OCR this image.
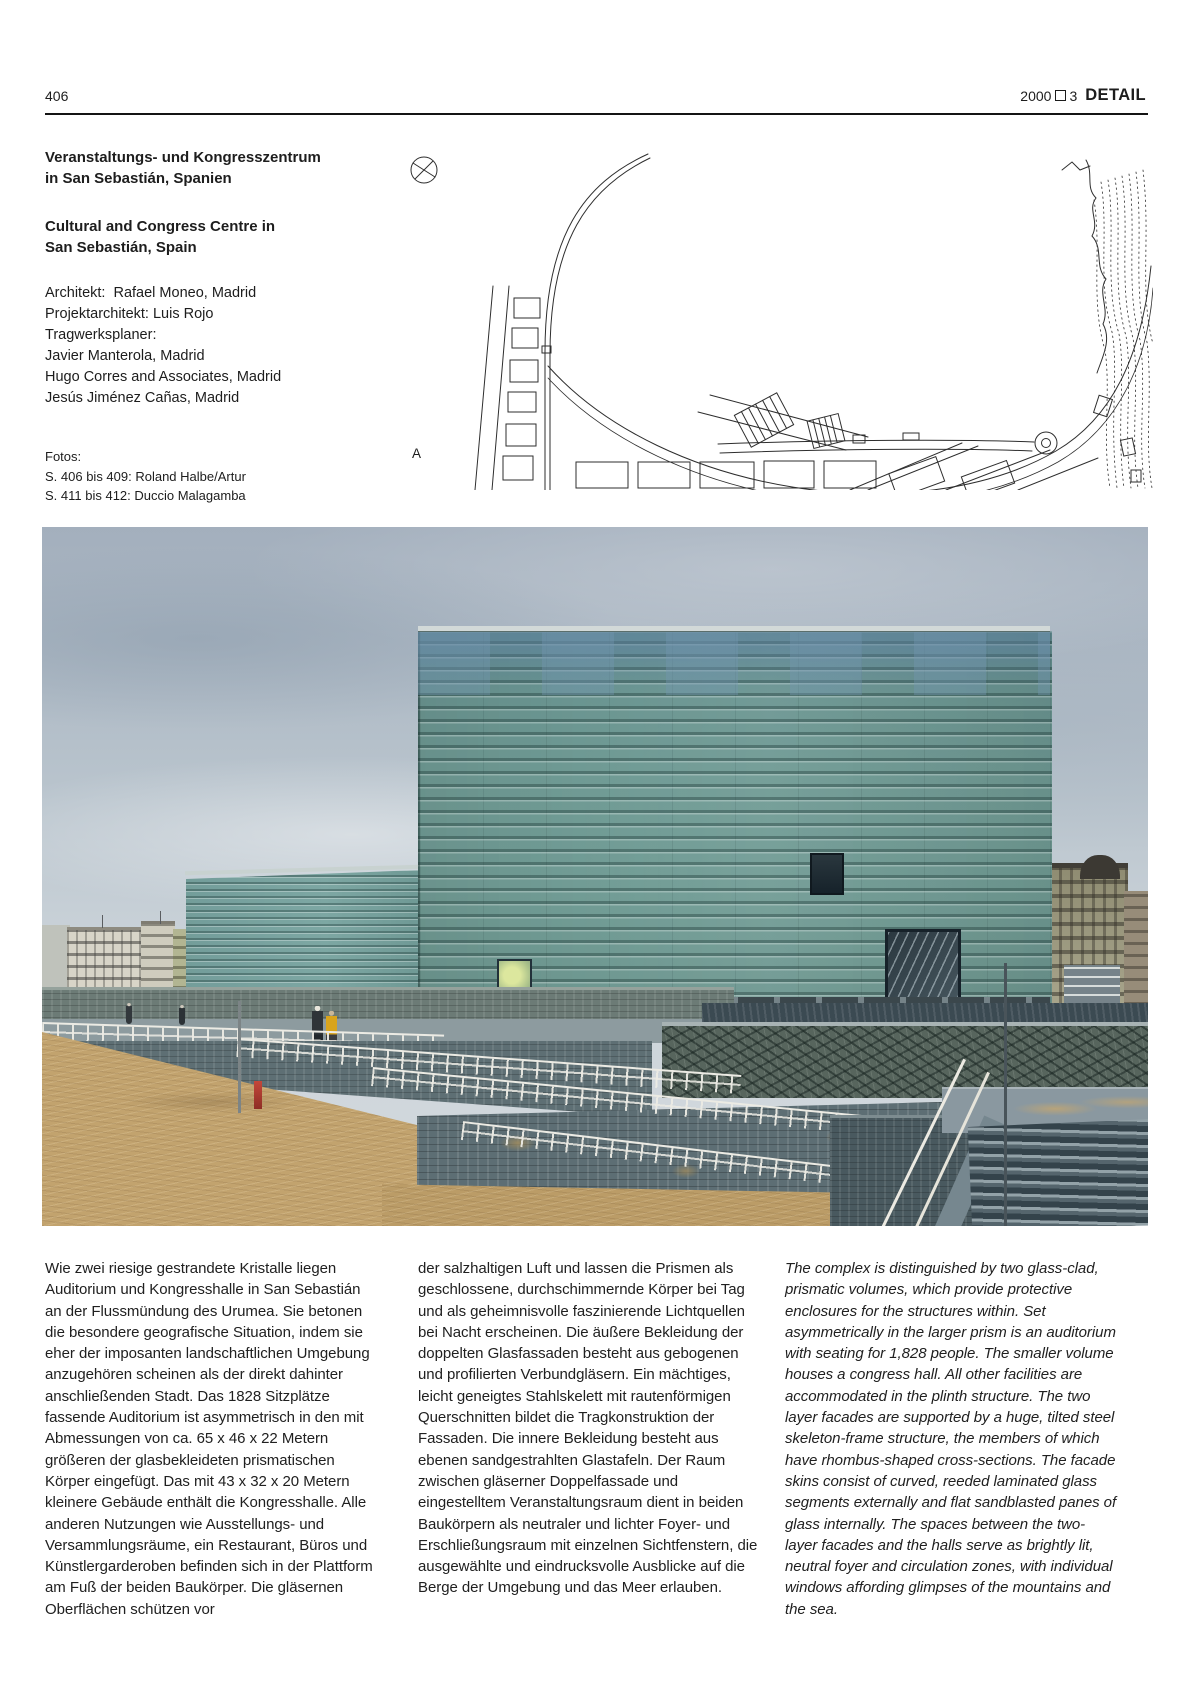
406	2000 3 DETAIL
Veranstaltungs- und Kongresszentrum
in San Sebastián, Spanien
Cultural and Congress Centre in
San Sebastián, Spain
Architekt:  Rafael Moneo, Madrid
Projektarchitekt: Luis Rojo
Tragwerksplaner:
Javier Manterola, Madrid
Hugo Corres and Associates, Madrid
Jesús Jiménez Cañas, Madrid
Fotos:
S. 406 bis 409: Roland Halbe/Artur
S. 411 bis 412: Duccio Malagamba
A
Wie zwei riesige gestrandete Kristalle liegen Auditorium und Kongresshalle in San Sebastián an der Flussmündung des Urumea. Sie betonen die besondere geografische Situation, indem sie eher der imposanten landschaftlichen Umgebung anzugehören scheinen als der direkt dahinter anschließenden Stadt. Das 1828 Sitzplätze fassende Auditorium ist asymmetrisch in den mit Abmessungen von ca. 65 x 46 x 22 Metern größeren der glasbekleideten prismatischen Körper eingefügt. Das mit 43 x 32 x 20 Metern kleinere Gebäude enthält die Kongresshalle. Alle anderen Nutzungen wie Ausstellungs- und Versammlungsräume, ein Restaurant, Büros und Künstlergarderoben befinden sich in der Plattform am Fuß der beiden Baukörper. Die gläsernen Oberflächen schützen vor
der salzhaltigen Luft und lassen die Prismen als geschlossene, durchschimmernde Körper bei Tag und als geheimnisvolle faszinierende Lichtquellen bei Nacht erscheinen. Die äußere Bekleidung der doppelten Glasfassaden besteht aus gebogenen und profilierten Verbundgläsern. Ein mächtiges, leicht geneigtes Stahlskelett mit rautenförmigen Querschnitten bildet die Tragkonstruktion der Fassaden. Die innere Bekleidung besteht aus ebenen sandgestrahlten Glastafeln. Der Raum zwischen gläserner Doppelfassade und eingestelltem Veranstaltungsraum dient in beiden Baukörpern als neutraler und lichter Foyer- und Erschließungsraum mit einzelnen Sichtfenstern, die ausgewählte und eindrucksvolle Ausblicke auf die Berge der Umgebung und das Meer erlauben.
The complex is distinguished by two glass-clad, prismatic volumes, which provide protective enclosures for the structures within. Set asymmetrically in the larger prism is an auditorium with seating for 1,828 people. The smaller volume houses a congress hall. All other facilities are accommodated in the plinth structure. The two layer facades are supported by a huge, tilted steel skeleton-frame structure, the members of which have rhombus-shaped cross-sections. The facade skins consist of curved, reeded laminated glass segments externally and flat sandblasted panes of glass internally. The spaces between the two-layer facades and the halls serve as brightly lit, neutral foyer and circulation zones, with individual windows affording glimpses of the mountains and the sea.
